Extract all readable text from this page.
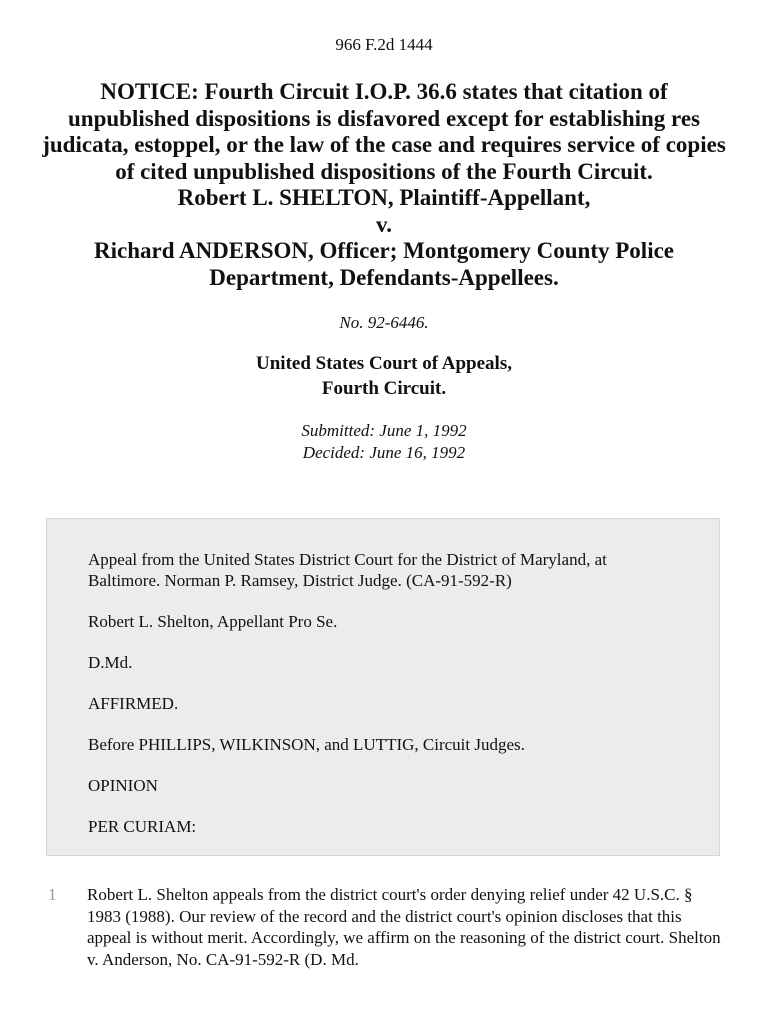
966 F.2d 1444
NOTICE: Fourth Circuit I.O.P. 36.6 states that citation of unpublished dispositions is disfavored except for establishing res judicata, estoppel, or the law of the case and requires service of copies of cited unpublished dispositions of the Fourth Circuit.
Robert L. SHELTON, Plaintiff-Appellant,
v.
Richard ANDERSON, Officer; Montgomery County Police Department, Defendants-Appellees.
No. 92-6446.
United States Court of Appeals,
Fourth Circuit.
Submitted: June 1, 1992
Decided: June 16, 1992

Appeal from the United States District Court for the District of Maryland, at Baltimore. Norman P. Ramsey, District Judge. (CA-91-592-R)

Robert L. Shelton, Appellant Pro Se.

D.Md.

AFFIRMED.

Before PHILLIPS, WILKINSON, and LUTTIG, Circuit Judges.

OPINION

PER CURIAM:

1 Robert L. Shelton appeals from the district court's order denying relief under 42 U.S.C. § 1983 (1988). Our review of the record and the district court's opinion discloses that this appeal is without merit. Accordingly, we affirm on the reasoning of the district court. Shelton v. Anderson, No. CA-91-592-R (D. Md.
